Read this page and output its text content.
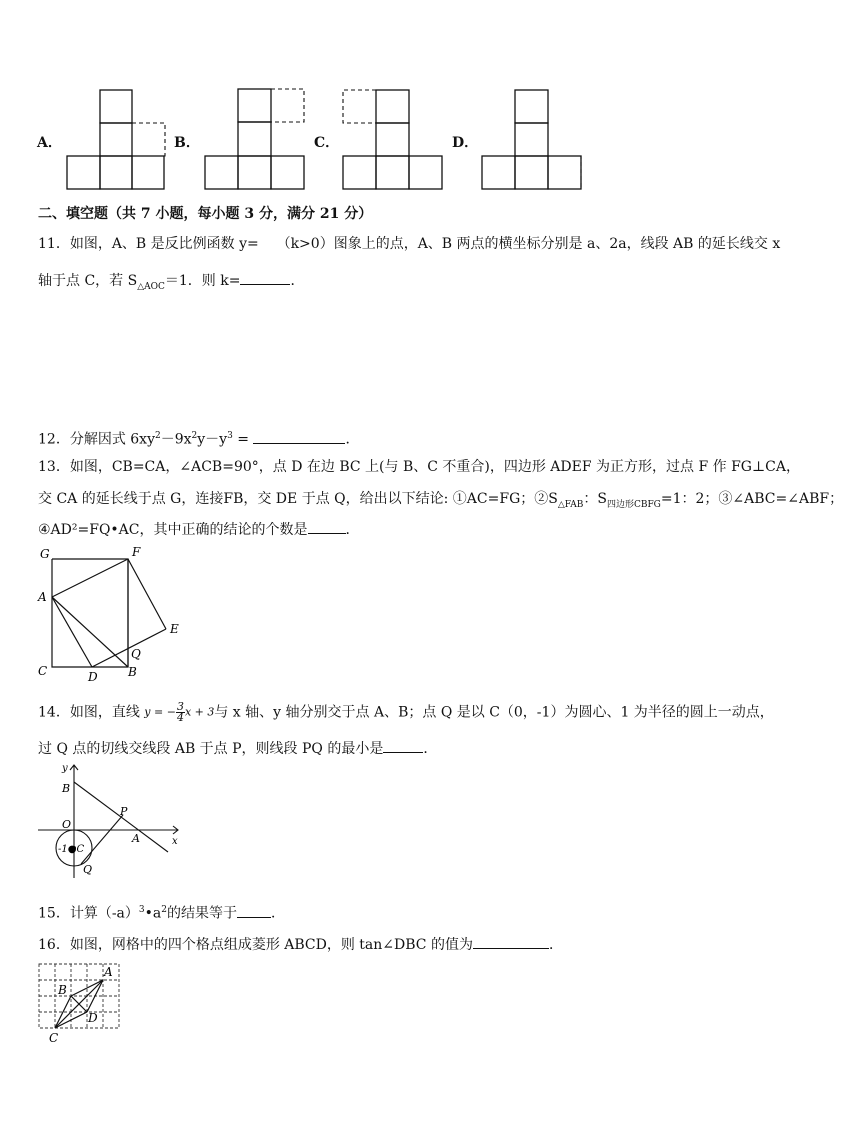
A．	B．	C．	D．
二、填空题（共 7 小题，每小题 3 分，满分 21 分）
11．如图，A、B 是反比例函数 y= （k>0）图象上的点，A、B 两点的横坐标分别是 a、2a，线段 AB 的延长线交 x
轴于点 C，若 $S_{\triangle AOC}=1$．则 k=	．
12．分解因式 $6xy^2-9x^2y-y^3$ =	．
13．如图，CB=CA，∠ACB=90°，点 D 在边 BC 上(与 B、C 不重合)，四边形 ADEF 为正方形，过点 F 作 FG⊥CA，
交 CA 的延长线于点 G，连接FB，交 DE 于点 Q，给出以下结论: ①AC=FG；$②S_{\triangle FAB}$：$S_{四边形CBFG}=1$：2；③∠ABC=∠ABF；
④AD²=FQ•AC，其中正确的结论的个数是	．
G	F
A
E
Q
C	D	B
14．如图，直线 y = − $\frac{3}{4}$ x + 3与 x 轴、y 轴分别交于点 A、B；点 Q 是以 C（0，-1）为圆心、1 为半径的圆上一动点，
过 Q 点的切线交线段 AB 于点 P，则线段 PQ 的最小是	．
y
x
B
O
P
A
-1●C
Q
15．计算$(-a)^3•a^2$的结果等于 ．
16．如图，网格中的四个格点组成菱形 ABCD，则 tan∠DBC 的值为	．
A
B
D
C
